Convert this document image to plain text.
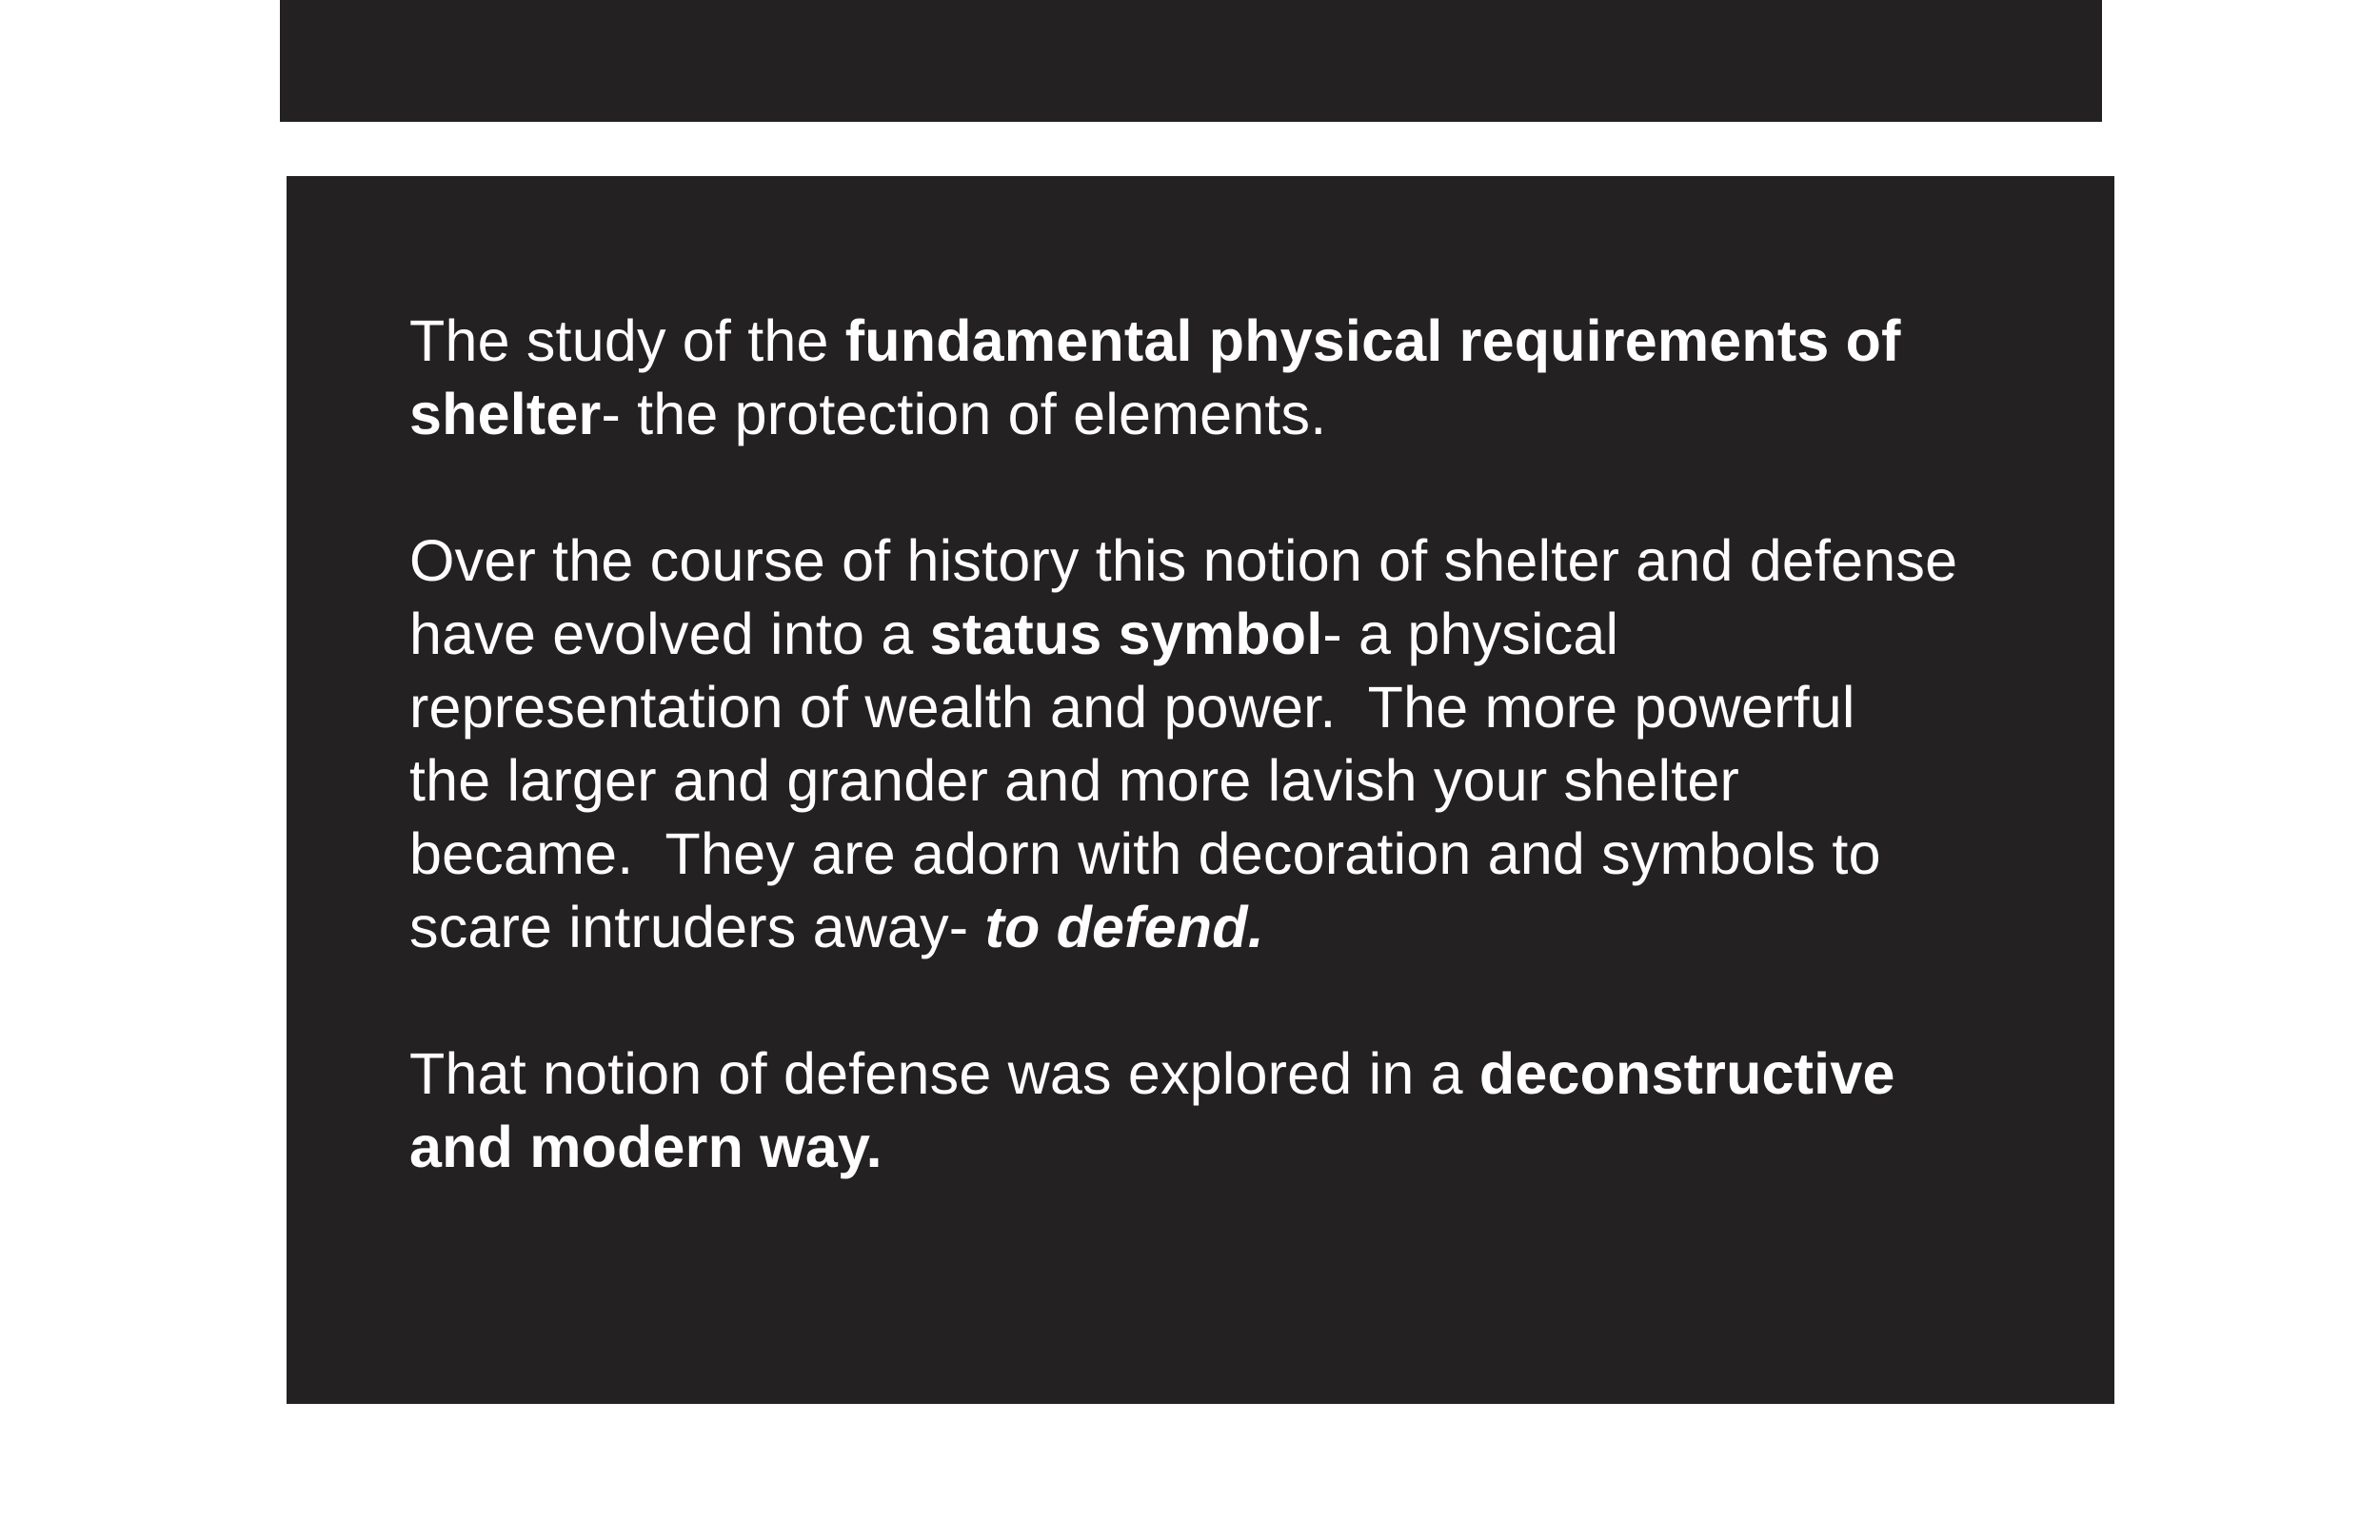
The study of the fundamental physical requirements of
shelter- the protection of elements.

Over the course of history this notion of shelter and defense
have evolved into a status symbol- a physical
representation of wealth and power.  The more powerful
the larger and grander and more lavish your shelter
became.  They are adorn with decoration and symbols to
scare intruders away- to defend.

That notion of defense was explored in a deconstructive
and modern way.
